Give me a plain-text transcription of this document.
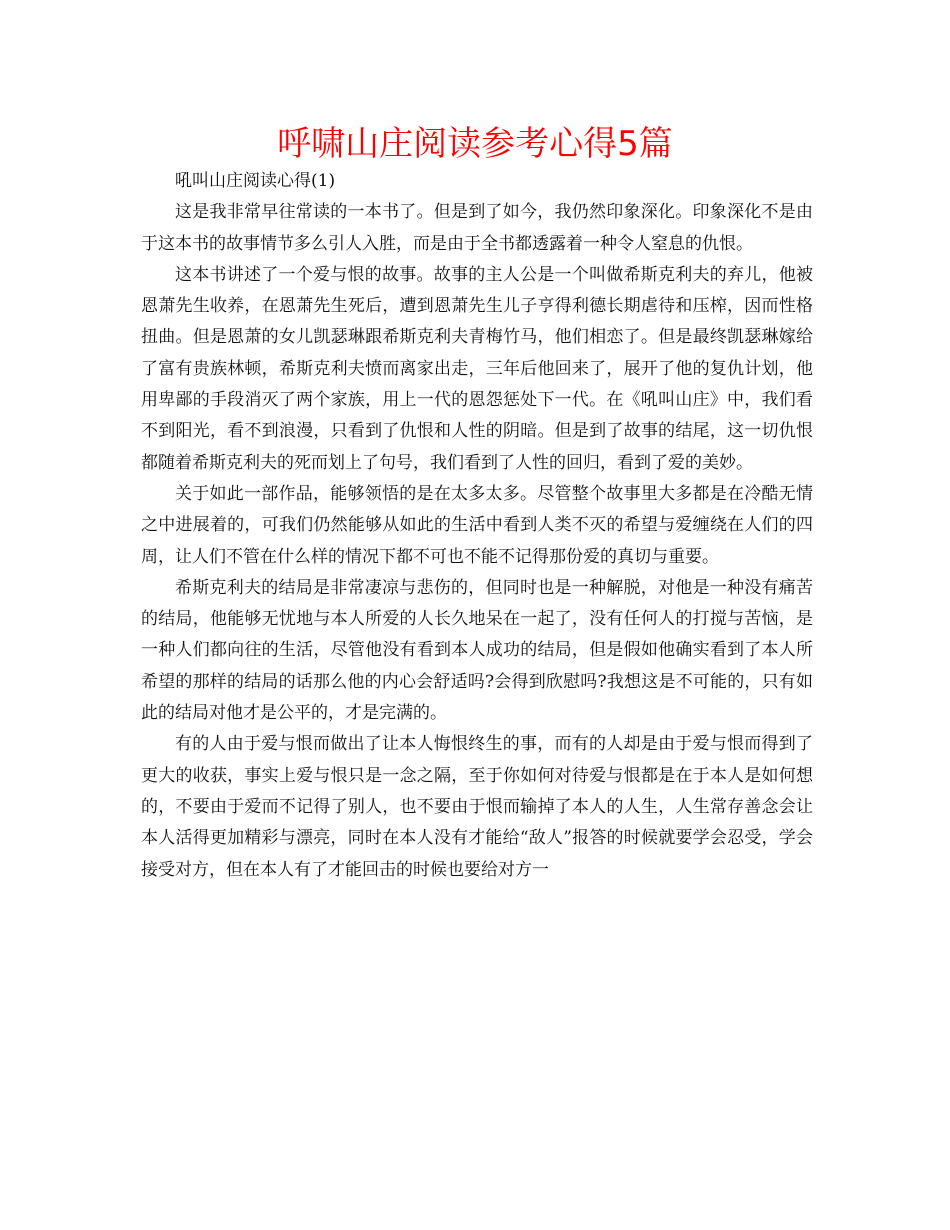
呼啸山庄阅读参考心得5篇

吼叫山庄阅读心得(1)

这是我非常早往常读的一本书了。但是到了如今，我仍然印象深化。印象深化不是由于这本书的故事情节多么引人入胜，而是由于全书都透露着一种令人窒息的仇恨。

这本书讲述了一个爱与恨的故事。故事的主人公是一个叫做希斯克利夫的弃儿，他被恩萧先生收养，在恩萧先生死后，遭到恩萧先生儿子亨得利德长期虐待和压榨，因而性格扭曲。但是恩萧的女儿凯瑟琳跟希斯克利夫青梅竹马，他们相恋了。但是最终凯瑟琳嫁给了富有贵族林顿，希斯克利夫愤而离家出走，三年后他回来了，展开了他的复仇计划，他用卑鄙的手段消灭了两个家族，用上一代的恩怨惩处下一代。在《吼叫山庄》中，我们看不到阳光，看不到浪漫，只看到了仇恨和人性的阴暗。但是到了故事的结尾，这一切仇恨都随着希斯克利夫的死而划上了句号，我们看到了人性的回归，看到了爱的美妙。

关于如此一部作品，能够领悟的是在太多太多。尽管整个故事里大多都是在冷酷无情之中进展着的，可我们仍然能够从如此的生活中看到人类不灭的希望与爱缠绕在人们的四周，让人们不管在什么样的情况下都不可也不能不记得那份爱的真切与重要。

希斯克利夫的结局是非常凄凉与悲伤的，但同时也是一种解脱，对他是一种没有痛苦的结局，他能够无忧地与本人所爱的人长久地呆在一起了，没有任何人的打搅与苦恼，是一种人们都向往的生活，尽管他没有看到本人成功的结局，但是假如他确实看到了本人所希望的那样的结局的话那么他的内心会舒适吗?会得到欣慰吗?我想这是不可能的，只有如此的结局对他才是公平的，才是完满的。

有的人由于爱与恨而做出了让本人悔恨终生的事，而有的人却是由于爱与恨而得到了更大的收获，事实上爱与恨只是一念之隔，至于你如何对待爱与恨都是在于本人是如何想的，不要由于爱而不记得了别人，也不要由于恨而输掉了本人的人生，人生常存善念会让本人活得更加精彩与漂亮，同时在本人没有才能给“敌人”报答的时候就要学会忍受，学会接受对方，但在本人有了才能回击的时候也要给对方一
